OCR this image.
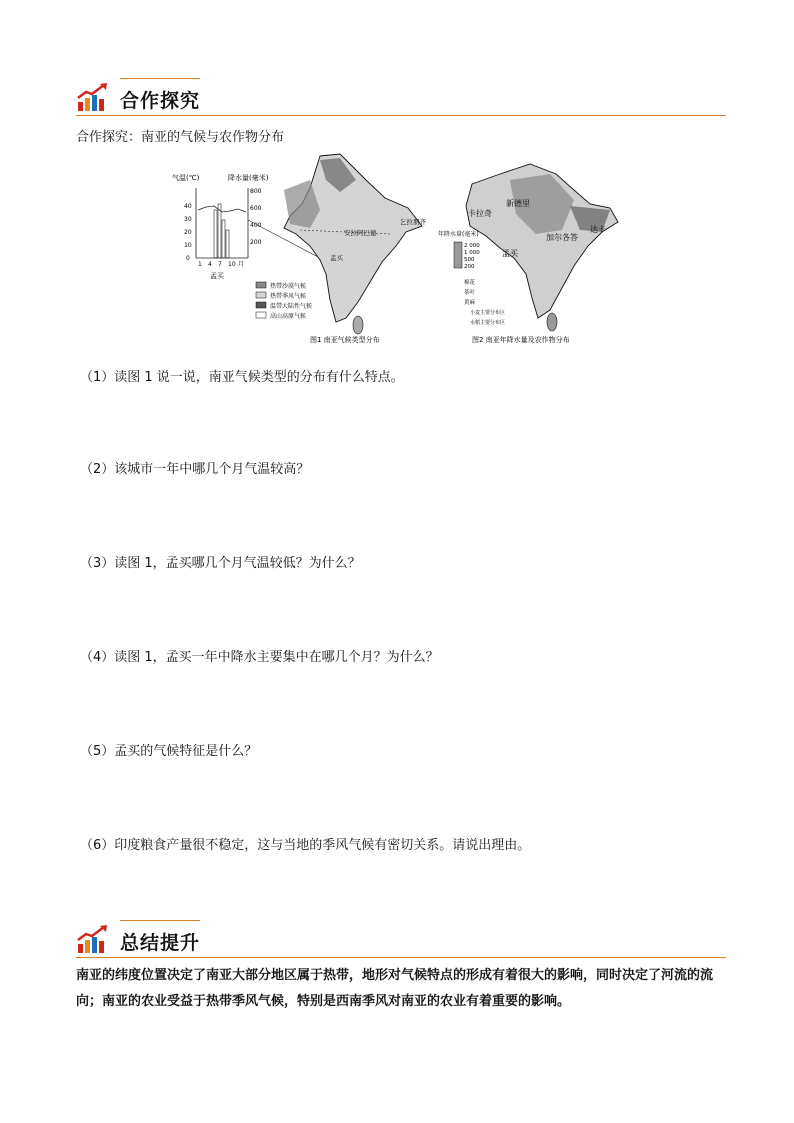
合作探究
合作探究：南亚的气候与农作物分布
气温(℃)	降水量(毫米)
40
30
20
10
0
800
600
400
200
1 4 7 10 月
孟买
安拉阿巴德
乞拉朋齐
孟买
热带沙漠气候
热带季风气候
温带大陆性气候
高山高原气候
图1 南亚气候类型分布
新德里
卡拉奇
加尔各答
达卡
孟买
年降水量(毫米)
2 000
1 000
500
200
棉花
茶叶
黄麻
小麦主要分布区
水稻主要分布区
图2 南亚年降水量及农作物分布
（1）读图 1 说一说，南亚气候类型的分布有什么特点。
（2）该城市一年中哪几个月气温较高？
（3）读图 1，孟买哪几个月气温较低？为什么？
（4）读图 1，孟买一年中降水主要集中在哪几个月？为什么？
（5）孟买的气候特征是什么？
（6）印度粮食产量很不稳定，这与当地的季风气候有密切关系。请说出理由。
总结提升
南亚的纬度位置决定了南亚大部分地区属于热带，地形对气候特点的形成有着很大的影响，同时决定了河流的流向；南亚的农业受益于热带季风气候，特别是西南季风对南亚的农业有着重要的影响。
